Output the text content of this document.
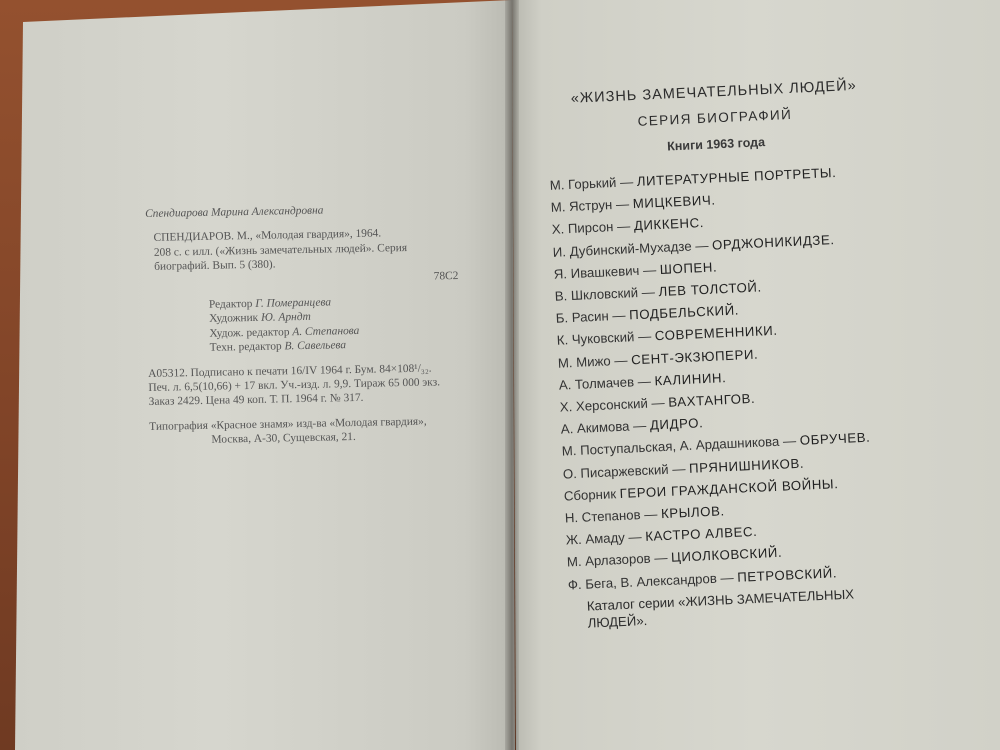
Спендиарова Марина Александровна
СПЕНДИАРОВ. М., «Молодая гвардия», 1964.
208 с. с илл. («Жизнь замечательных людей». Серия
биографий. Вып. 5 (380).
78С2
Редактор Г. Померанцева
Художник Ю. Арндт
Худож. редактор А. Степанова
Техн. редактор В. Савельева
А05312. Подписано к печати 16/IV 1964 г. Бум. 84×108¹/₃₂.
Печ. л. 6,5(10,66) + 17 вкл. Уч.-изд. л. 9,9. Тираж 65 000 экз.
Заказ 2429. Цена 49 коп. Т. П. 1964 г. № 317.
Типография «Красное знамя» изд-ва «Молодая гвардия»,
Москва, А-30, Сущевская, 21.
«ЖИЗНЬ ЗАМЕЧАТЕЛЬНЫХ ЛЮДЕЙ»
СЕРИЯ БИОГРАФИЙ
Книги 1963 года
М. Горький — ЛИТЕРАТУРНЫЕ ПОРТРЕТЫ.
М. Яструн — МИЦКЕВИЧ.
Х. Пирсон — ДИККЕНС.
И. Дубинский-Мухадзе — ОРДЖОНИКИДЗЕ.
Я. Ивашкевич — ШОПЕН.
В. Шкловский — ЛЕВ ТОЛСТОЙ.
Б. Расин — ПОДБЕЛЬСКИЙ.
К. Чуковский — СОВРЕМЕННИКИ.
М. Мижо — СЕНТ-ЭКЗЮПЕРИ.
А. Толмачев — КАЛИНИН.
Х. Херсонский — ВАХТАНГОВ.
А. Акимова — ДИДРО.
М. Поступальская, А. Ардашникова — ОБРУЧЕВ.
О. Писаржевский — ПРЯНИШНИКОВ.
Сборник ГЕРОИ ГРАЖДАНСКОЙ ВОЙНЫ.
Н. Степанов — КРЫЛОВ.
Ж. Амаду — КАСТРО АЛВЕС.
М. Арлазоров — ЦИОЛКОВСКИЙ.
Ф. Бега, В. Александров — ПЕТРОВСКИЙ.
Каталог серии «ЖИЗНЬ ЗАМЕЧАТЕЛЬНЫХ
ЛЮДЕЙ».
